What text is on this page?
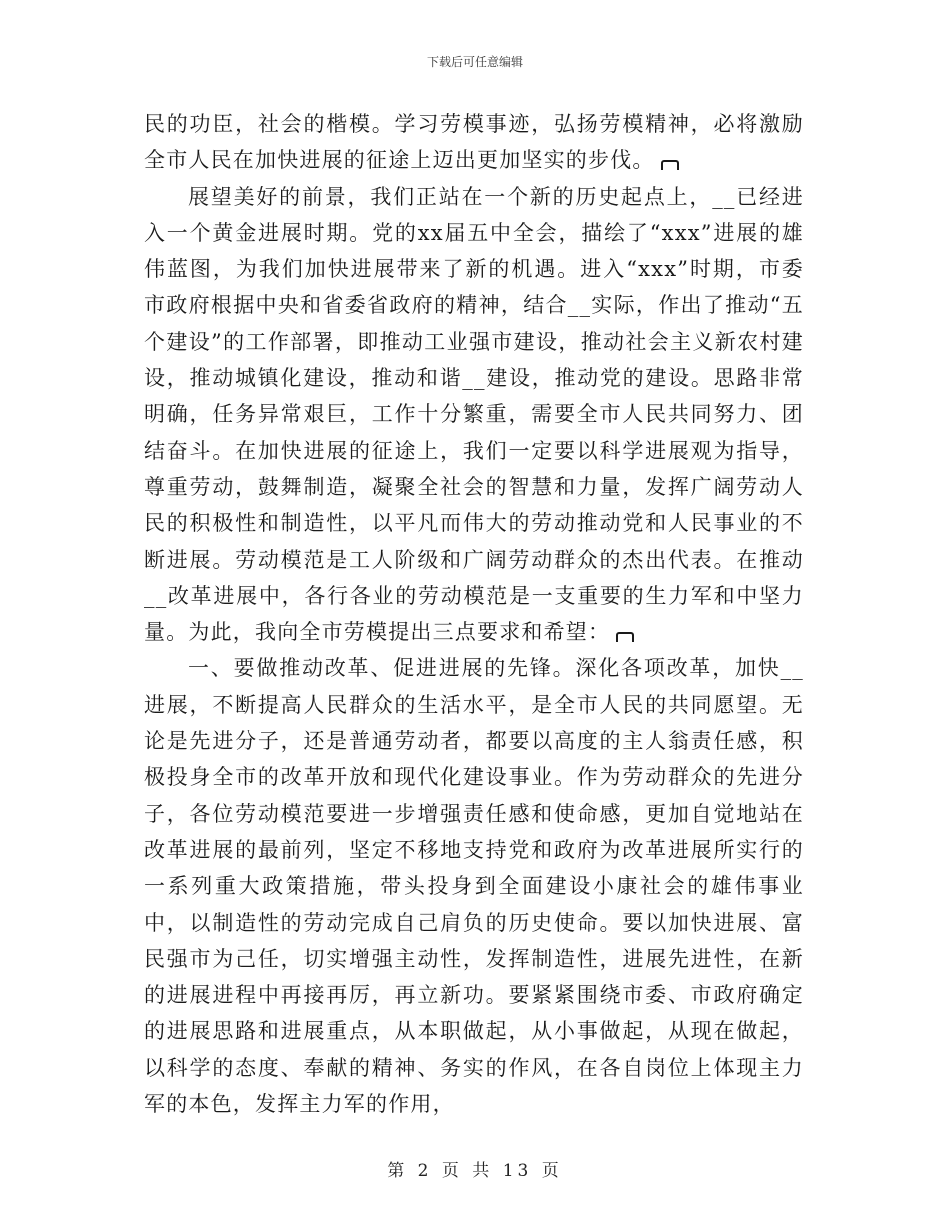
下载后可任意编辑

民的功臣，社会的楷模。学习劳模事迹，弘扬劳模精神，必将激励全市人民在加快进展的征途上迈出更加坚实的步伐。

展望美好的前景，我们正站在一个新的历史起点上，__已经进入一个黄金进展时期。党的xx届五中全会，描绘了“xxx”进展的雄伟蓝图，为我们加快进展带来了新的机遇。进入“xxx”时期，市委市政府根据中央和省委省政府的精神，结合__实际，作出了推动“五个建设”的工作部署，即推动工业强市建设，推动社会主义新农村建设，推动城镇化建设，推动和谐__建设，推动党的建设。思路非常明确，任务异常艰巨，工作十分繁重，需要全市人民共同努力、团结奋斗。在加快进展的征途上，我们一定要以科学进展观为指导，尊重劳动，鼓舞制造，凝聚全社会的智慧和力量，发挥广阔劳动人民的积极性和制造性，以平凡而伟大的劳动推动党和人民事业的不断进展。劳动模范是工人阶级和广阔劳动群众的杰出代表。在推动__改革进展中，各行各业的劳动模范是一支重要的生力军和中坚力量。为此，我向全市劳模提出三点要求和希望：

一、要做推动改革、促进进展的先锋。深化各项改革，加快__进展，不断提高人民群众的生活水平，是全市人民的共同愿望。无论是先进分子，还是普通劳动者，都要以高度的主人翁责任感，积极投身全市的改革开放和现代化建设事业。作为劳动群众的先进分子，各位劳动模范要进一步增强责任感和使命感，更加自觉地站在改革进展的最前列，坚定不移地支持党和政府为改革进展所实行的一系列重大政策措施，带头投身到全面建设小康社会的雄伟事业中，以制造性的劳动完成自己肩负的历史使命。要以加快进展、富民强市为己任，切实增强主动性，发挥制造性，进展先进性，在新的进展进程中再接再厉，再立新功。要紧紧围绕市委、市政府确定的进展思路和进展重点，从本职做起，从小事做起，从现在做起，以科学的态度、奉献的精神、务实的作风，在各自岗位上体现主力军的本色，发挥主力军的作用，

第 2 页 共 13 页
